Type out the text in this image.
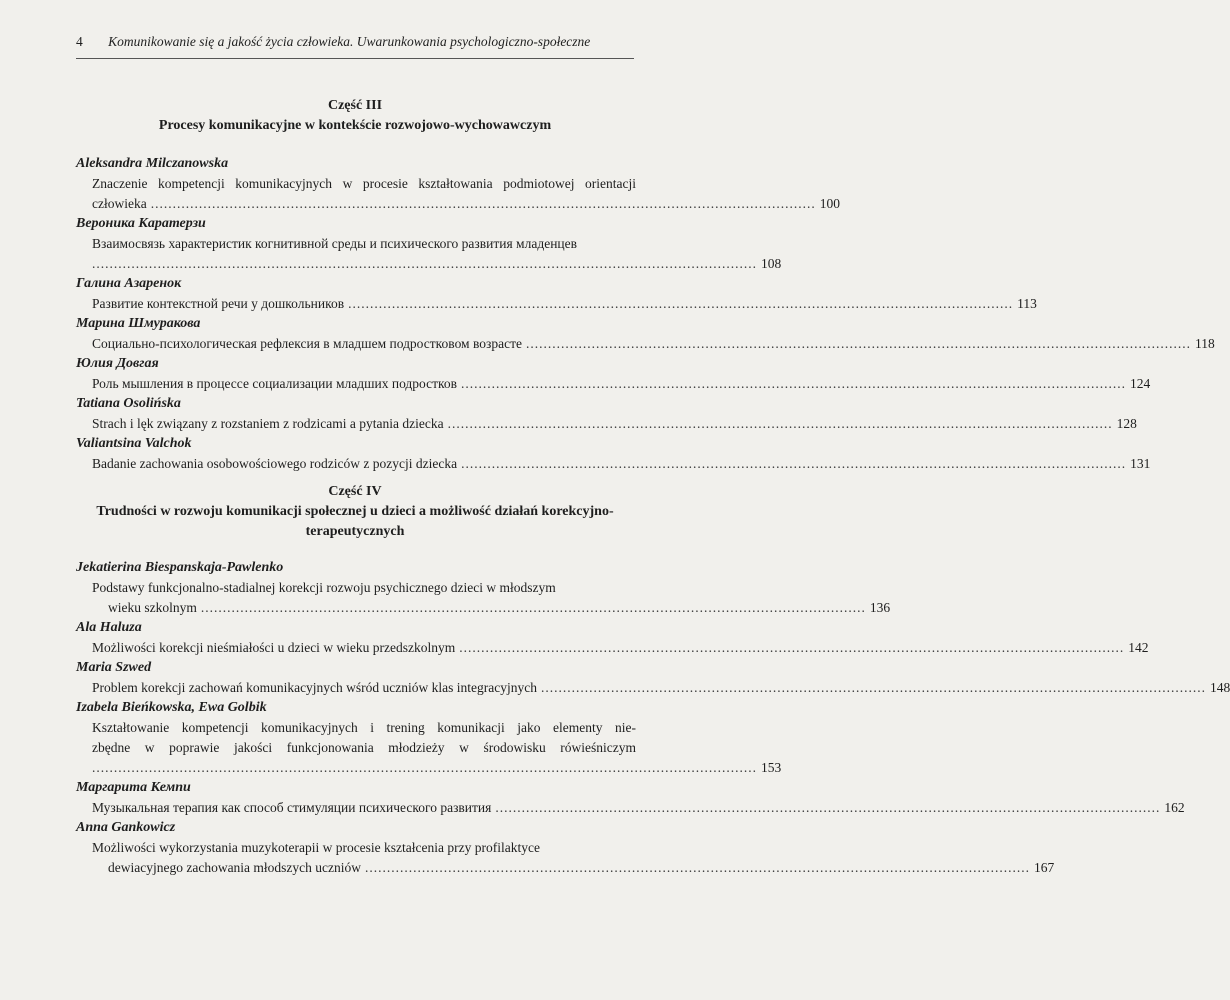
4 Komunikowanie się a jakość życia człowieka. Uwarunkowania psychologiczno-społeczne
Część III
Procesy komunikacyjne w kontekście rozwojowo-wychowawczym
Aleksandra Milczanowska
Znaczenie kompetencji komunikacyjnych w procesie kształtowania podmiotowej orientacji
człowieka ........................................................................................................................................................ 100
Вероника Каратерзи
Взаимосвязь характеристик когнитивной среды и психического развития младенцев
........................................................................................................................................................ 108
Галина Азаренок
Развитие контекстной речи у дошкольников ........................................................................................................................................................ 113
Марина Шмуракова
Социально-психологическая рефлексия в младшем подростковом возрасте ........................................................................................................................................................ 118
Юлия Довгая
Роль мышления в процессе социализации младших подростков ........................................................................................................................................................ 124
Tatiana Osolińska
Strach i lęk związany z rozstaniem z rodzicami a pytania dziecka ........................................................................................................................................................ 128
Valiantsina Valchok
Badanie zachowania osobowościowego rodziców z pozycji dziecka ........................................................................................................................................................ 131
Część IV
Trudności w rozwoju komunikacji społecznej u dzieci a możliwość działań korekcyjno-
terapeutycznych
Jekatierina Biespanskaja-Pawlenko
Podstawy funkcjonalno-stadialnej korekcji rozwoju psychicznego dzieci w młodszym
wieku szkolnym ........................................................................................................................................................ 136
Ala Haluza
Możliwości korekcji nieśmiałości u dzieci w wieku przedszkolnym ........................................................................................................................................................ 142
Maria Szwed
Problem korekcji zachowań komunikacyjnych wśród uczniów klas integracyjnych ........................................................................................................................................................ 148
Izabela Bieńkowska, Ewa Golbik
Kształtowanie kompetencji komunikacyjnych i trening komunikacji jako elementy nie-
zbędne w poprawie jakości funkcjonowania młodzieży w środowisku rówieśniczym
........................................................................................................................................................ 153
Маргарита Кемпи
Музыкальная терапия как способ стимуляции психического развития ........................................................................................................................................................ 162
Anna Gankowicz
Możliwości wykorzystania muzykoterapii w procesie kształcenia przy profilaktyce
dewiacyjnego zachowania młodszych uczniów ........................................................................................................................................................ 167
